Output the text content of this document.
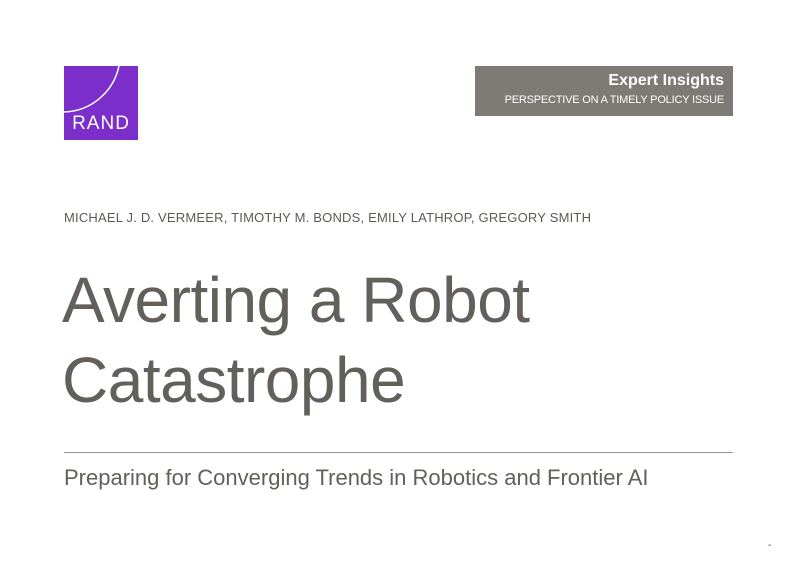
RAND
Expert Insights
PERSPECTIVE ON A TIMELY POLICY ISSUE
MICHAEL J. D. VERMEER, TIMOTHY M. BONDS, EMILY LATHROP, GREGORY SMITH
Averting a Robot
Catastrophe
Preparing for Converging Trends in Robotics and Frontier AI
-
